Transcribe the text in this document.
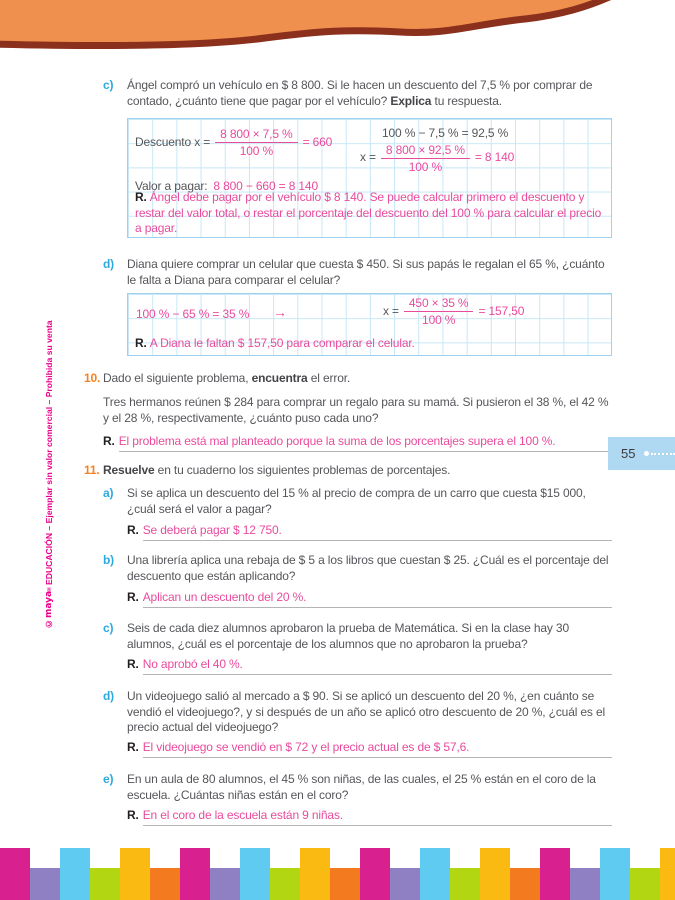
©maya
®
EDUCACIÓN – Ejemplar sin valor comercial – Prohibida su venta
c)	Ángel compró un vehículo en $ 8 800. Si le hacen un descuento del 7,5 % por comprar de contado, ¿cuánto tiene que pagar por el vehículo? Explica tu respuesta.
Descuento $x = \frac{8 800 \times 7,5 \%}{100 \%} = 660$
100 % − 7,5 % = 92,5 %
$x = \frac{8 800 \times 92,5 \%}{100 \%} = 8$ 140
Valor a pagar: 8 800 − 660 = 8 140
R. Ángel debe pagar por el vehículo $ 8 140. Se puede calcular primero el descuento y restar del valor total, o restar el porcentaje del descuento del 100 % para calcular el precio a pagar.
d)	Diana quiere comprar un celular que cuesta $ 450. Si sus papás le regalan el 65 %, ¿cuánto le falta a Diana para comparar el celular?
100 % − 65 % = 35 % →	$x = \frac{450 \times 35 \%}{100 \%} = 157,50$
R. A Diana le faltan $ 157,50 para comparar el celular.
10. Dado el siguiente problema, encuentra el error.
Tres hermanos reúnen $ 284 para comprar un regalo para su mamá. Si pusieron el 38 %, el 42 % y el 28 %, respectivamente, ¿cuánto puso cada uno?
R. El problema está mal planteado porque la suma de los porcentajes supera el 100 %.
55
11. Resuelve en tu cuaderno los siguientes problemas de porcentajes.
a)	Si se aplica un descuento del 15 % al precio de compra de un carro que cuesta $15 000, ¿cuál será el valor a pagar?
R. Se deberá pagar $ 12 750.
b)	Una librería aplica una rebaja de $ 5 a los libros que cuestan $ 25. ¿Cuál es el porcentaje del descuento que están aplicando?
R. Aplican un descuento del 20 %.
c)	Seis de cada diez alumnos aprobaron la prueba de Matemática. Si en la clase hay 30 alumnos, ¿cuál es el porcentaje de los alumnos que no aprobaron la prueba?
R. No aprobó el 40 %.
d)	Un videojuego salió al mercado a $ 90. Si se aplicó un descuento del 20 %, ¿en cuánto se vendió el videojuego?, y si después de un año se aplicó otro descuento de 20 %, ¿cuál es el precio actual del videojuego?
R. El videojuego se vendió en $ 72 y el precio actual es de $ 57,6.
e)	En un aula de 80 alumnos, el 45 % son niñas, de las cuales, el 25 % están en el coro de la escuela. ¿Cuántas niñas están en el coro?
R. En el coro de la escuela están 9 niñas.
